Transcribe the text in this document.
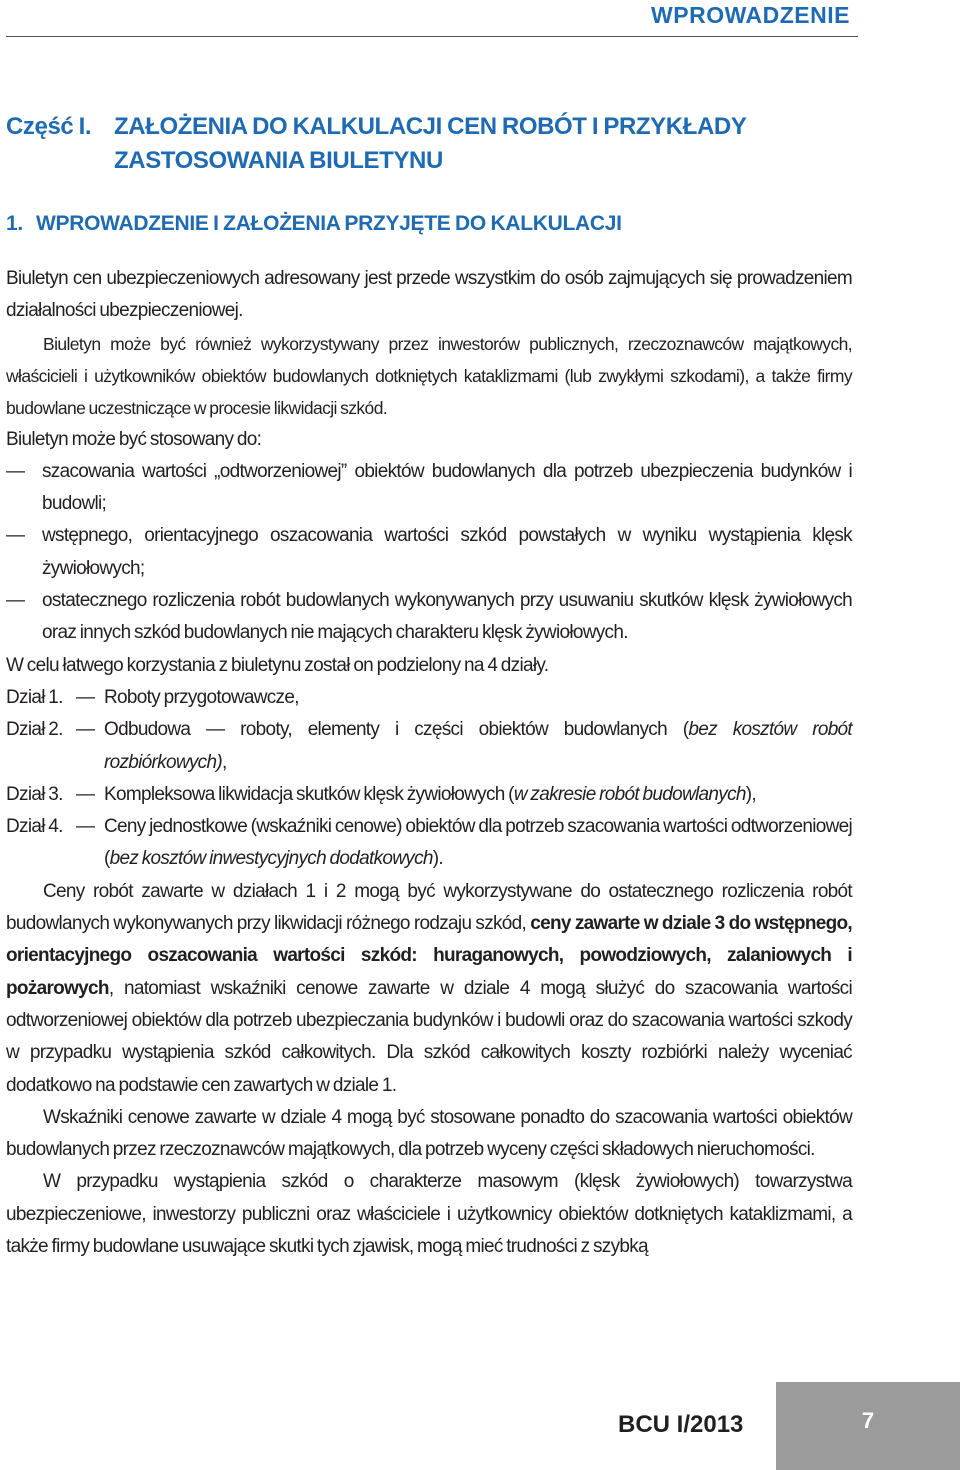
WPROWADZENIE
Część I. ZAŁOŻENIA DO KALKULACJI CEN ROBÓT I PRZYKŁADY
ZASTOSOWANIA BIULETYNU
1. WPROWADZENIE I ZAŁOŻENIA PRZYJĘTE DO KALKULACJI

Biuletyn cen ubezpieczeniowych adresowany jest przede wszystkim do osób zajmujących się prowadzeniem działalności ubezpieczeniowej.

Biuletyn może być również wykorzystywany przez inwestorów publicznych, rzeczoznawców majątkowych, właścicieli i użytkowników obiektów budowlanych dotkniętych kataklizmami (lub zwykłymi szkodami), a także firmy budowlane uczestniczące w procesie likwidacji szkód.

Biuletyn może być stosowany do:

— szacowania wartości „odtworzeniowej” obiektów budowlanych dla potrzeb ubezpieczenia budynków i budowli;
— wstępnego, orientacyjnego oszacowania wartości szkód powstałych w wyniku wystąpienia klęsk żywiołowych;
— ostatecznego rozliczenia robót budowlanych wykonywanych przy usuwaniu skutków klęsk żywiołowych oraz innych szkód budowlanych nie mających charakteru klęsk żywiołowych.

W celu łatwego korzystania z biuletynu został on podzielony na 4 działy.

Dział 1. — Roboty przygotowawcze,
Dział 2. — Odbudowa — roboty, elementy i części obiektów budowlanych (bez kosztów robót rozbiórkowych),
Dział 3. — Kompleksowa likwidacja skutków klęsk żywiołowych (w zakresie robót budowlanych),
Dział 4. — Ceny jednostkowe (wskaźniki cenowe) obiektów dla potrzeb szacowania wartości odtworzeniowej (bez kosztów inwestycyjnych dodatkowych).

Ceny robót zawarte w działach 1 i 2 mogą być wykorzystywane do ostatecznego rozliczenia robót budowlanych wykonywanych przy likwidacji różnego rodzaju szkód, ceny zawarte w dziale 3 do wstępnego, orientacyjnego oszacowania wartości szkód: huraganowych, powodziowych, zalaniowych i pożarowych, natomiast wskaźniki cenowe zawarte w dziale 4 mogą służyć do szacowania wartości odtworzeniowej obiektów dla potrzeb ubezpieczania budynków i budowli oraz do szacowania wartości szkody w przypadku wystąpienia szkód całkowitych. Dla szkód całkowitych koszty rozbiórki należy wyceniać dodatkowo na podstawie cen zawartych w dziale 1.

Wskaźniki cenowe zawarte w dziale 4 mogą być stosowane ponadto do szacowania wartości obiektów budowlanych przez rzeczoznawców majątkowych, dla potrzeb wyceny części składowych nieruchomości.

W przypadku wystąpienia szkód o charakterze masowym (klęsk żywiołowych) towarzystwa ubezpieczeniowe, inwestorzy publiczni oraz właściciele i użytkownicy obiektów dotkniętych kataklizmami, a także firmy budowlane usuwające skutki tych zjawisk, mogą mieć trudności z szybką

BCU I/2013	7
